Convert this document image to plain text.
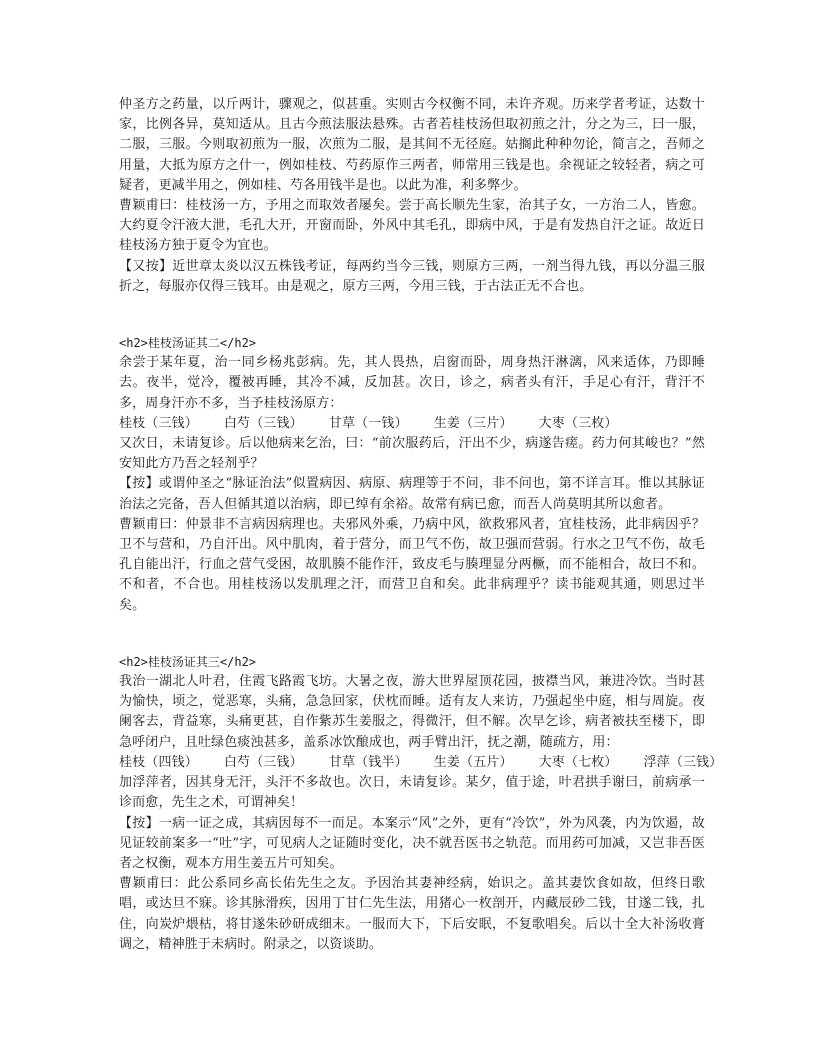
仲圣方之药量，以斤两计，骤观之，似甚重。实则古今权衡不同，未许齐观。历来学者考证，达数十家，比例各异，莫知适从。且古今煎法服法悬殊。古者若桂枝汤但取初煎之汁，分之为三，曰一服，二服，三服。今则取初煎为一服，次煎为二服，是其间不无径庭。姑搁此种种勿论，简言之，吾师之用量，大抵为原方之什一，例如桂枝、芍药原作三两者，师常用三钱是也。余视证之较轻者，病之可疑者，更减半用之，例如桂、芍各用钱半是也。以此为准，利多弊少。

曹颖甫曰：桂枝汤一方，予用之而取效者屡矣。尝于高长顺先生家，治其子女，一方治二人，皆愈。大约夏令汗液大泄，毛孔大开，开窗而卧，外风中其毛孔，即病中风，于是有发热自汗之证。故近日桂枝汤方独于夏令为宜也。

【又按】近世章太炎以汉五株钱考证，每两约当今三钱，则原方三两，一剂当得九钱，再以分温三服折之，每服亦仅得三钱耳。由是观之，原方三两，今用三钱，于古法正无不合也。

<h2>桂枝汤证其二</h2>

余尝于某年夏，治一同乡杨兆彭病。先，其人畏热，启窗而卧，周身热汗淋漓，风来适体，乃即睡去。夜半，觉冷，覆被再睡，其冷不减，反加甚。次日，诊之，病者头有汗，手足心有汗，背汗不多，周身汗亦不多，当予桂枝汤原方：

桂枝（三钱） 白芍（三钱） 甘草（一钱） 生姜（三片） 大枣（三枚）

又次日，未请复诊。后以他病来乞治，曰：“前次服药后，汗出不少，病遂告瘥。药力何其峻也？”然安知此方乃吾之轻剂乎？

【按】或谓仲圣之“脉证治法”似置病因、病原、病理等于不问，非不问也，第不详言耳。惟以其脉证治法之完备，吾人但循其道以治病，即已绰有余裕。故常有病已愈，而吾人尚莫明其所以愈者。

曹颖甫曰：仲景非不言病因病理也。夫邪风外乘，乃病中风，欲救邪风者，宜桂枝汤，此非病因乎？卫不与营和，乃自汗出。风中肌肉，着于营分，而卫气不伤，故卫强而营弱。行水之卫气不伤，故毛孔自能出汗，行血之营气受困，故肌腠不能作汗，致皮毛与腠理显分两橛，而不能相合，故曰不和。不和者，不合也。用桂枝汤以发肌理之汗，而营卫自和矣。此非病理乎？读书能观其通，则思过半矣。

<h2>桂枝汤证其三</h2>

我治一湖北人叶君，住霞飞路霞飞坊。大暑之夜，游大世界屋顶花园，披襟当风，兼进冷饮。当时甚为愉快，顷之，觉恶寒，头痛，急急回家，伏枕而睡。适有友人来访，乃强起坐中庭，相与周旋。夜阑客去，背益寒，头痛更甚，自作紫苏生姜服之，得微汗，但不解。次早乞诊，病者被扶至楼下，即急呼闭户，且吐绿色痰浊甚多，盖系冰饮酿成也，两手臂出汗，抚之潮，随疏方，用：

桂枝（四钱） 白芍（三钱） 甘草（钱半） 生姜（五片） 大枣（七枚） 浮萍（三钱）

加浮萍者，因其身无汗，头汗不多故也。次日，未请复诊。某夕，值于途，叶君拱手谢曰，前病承一诊而愈，先生之术，可谓神矣！

【按】一病一证之成，其病因每不一而足。本案示“风”之外，更有“冷饮”，外为风袭，内为饮遏，故见证较前案多一“吐”字，可见病人之证随时变化，决不就吾医书之轨范。而用药可加减，又岂非吾医者之权衡，观本方用生姜五片可知矣。

曹颖甫曰：此公系同乡高长佑先生之友。予因治其妻神经病，始识之。盖其妻饮食如故，但终日歌唱，或达旦不寐。诊其脉滑疾，因用丁甘仁先生法，用猪心一枚剖开，内藏辰砂二钱，甘遂二钱，扎住，向炭炉煨枯，将甘遂朱砂研成细末。一服而大下，下后安眠，不复歌唱矣。后以十全大补汤收膏调之，精神胜于未病时。附录之，以资谈助。
